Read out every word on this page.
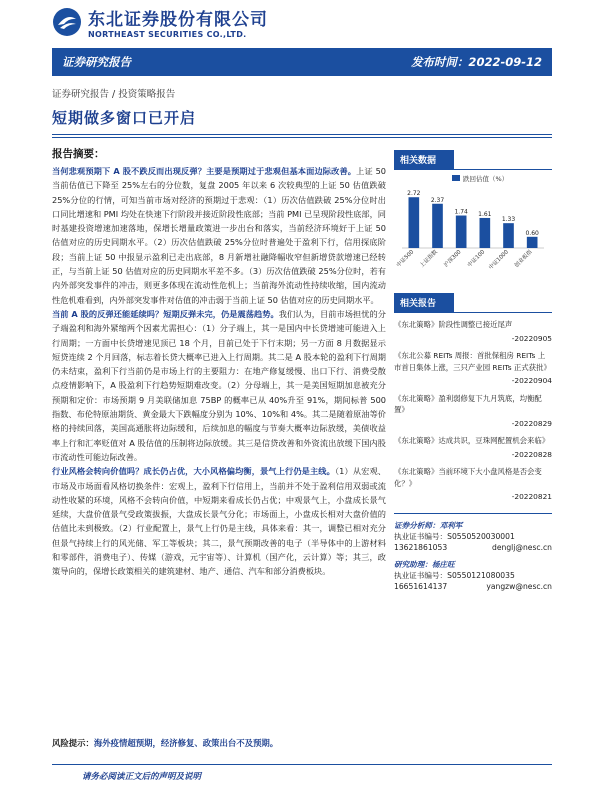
东北证券股份有限公司
NORTHEAST SECURITIES CO.,LTD.
证券研究报告	发布时间：2022-09-12
证券研究报告 / 投资策略报告
短期做多窗口已开启
报告摘要：

当何悲观预期下 A 股不跌反而出现反弹？主要是预期过于悲观但基本面边际改善。上证 50 当前估值已下降至 25%左右的分位数，复盘 2005 年以来 6 次较典型的上证 50 估值跌破 25%分位的行情，可知当前市场对经济的预期过于悲观：（1）历次估值跌破 25%分位时出口同比增速和 PMI 均处在快速下行阶段并接近阶段性底部；当前 PMI 已呈现阶段性底部，同时基建投资增速加速落地，保增长增量政策进一步出台和落实，当前经济环境好于上证 50 估值对应的历史同期水平。（2）历次估值跌破 25%分位时普遍处于盈利下行，信用探底阶段；当前上证 50 中报显示盈利已走出底部，8 月新增社融降幅收窄但新增贷款增速已经转正，与当前上证 50 估值对应的历史同期水平差不多。（3）历次估值跌破 25%分位时，若有内外部突发事件的冲击，则更多体现在流动性危机上；当前海外流动性持续收缩，国内流动性危机难看到，内外部突发事件对估值的冲击弱于当前上证 50 估值对应的历史同期水平。

当前 A 股的反弹还能延续吗？短期反弹未完，仍是震荡趋势。我们认为，目前市场担忧的分子端盈利和海外紧缩两个因素尤需担心：（1）分子端上，其一是国内中长贷增速可能进入上行周期；一方面中长贷增速见顶已 18 个月，目前已处于下行末期；另一方面 8 月数据显示短贷连续 2 个月回落，标志着长贷大概率已进入上行周期。其二是 A 股本轮的盈利下行周期仍未结束，盈利下行当前仍是市场上行的主要阻力：在地产修复缓慢、出口下行、消费受散点疫情影响下，A 股盈利下行趋势短期难改变。（2）分母端上，其一是美国短期加息被充分预期和定价：市场预期 9 月美联储加息 75BP 的概率已从 40%升至 91%，期间标普 500 指数、布伦特原油期货、黄金最大下跌幅度分别为 10%、10%和 4%。其二是随着原油等价格的持续回落，美国高通胀将边际缓和，后续加息的幅度与节奏大概率边际放缓，美债收益率上行和汇率贬值对 A 股估值的压制将边际放缓。其三是信贷改善和外资流出放缓下国内股市流动性可能边际改善。

行业风格会转向价值吗？成长仍占优，大小风格偏均衡，景气上行仍是主线。（1）从宏观、市场及市场面看风格切换条件：宏观上，盈利下行信用上，当前并不处于盈利信用双弱或流动性收紧的环境，风格不会转向价值，中短期来看成长仍占优；中观景气上，小盘成长景气延续，大盘价值景气受政策拔振，大盘成长景气分化；市场面上，小盘成长相对大盘价值的估值比未到极致。（2）行业配置上，景气上行仍是主线，具体来看：其一，调整已相对充分但景气持续上行的风光储、军工等板块；其二，景气预期改善的电子（半导体中的上游材料和零部件，消费电子）、传媒（游戏，元宇宙等）、计算机（国产化，云计算）等；其三，政策导向的，保增长政策相关的建筑建材、地产、通信、汽车和部分消费板块。

风险提示：海外疫情超预期，经济修复、政策出台不及预期。
相关数据
跌回估值（%）
2.72
中证500
2.37
上证指数
1.74
沪深300
1.61
中证100
1.33
中证1000
0.60
创业板指
相关报告
《东北策略》阶段性调整已接近尾声
-20220905
《东北公募 REITs 周报：首批保租房 REITs 上市首日集体上涨，三只产业园 REITs 正式获批》
-20220904
《东北策略》盈利弱修复下九月筑底，均衡配置》
-20220829
《东北策略》达成共识，豆珠网配置机会来临》
-20220828
《东北策略》当前环境下大小盘风格是否会变化？》
-20220821
证券分析师：邓利军
执业证书编号：S0550520030001
13621861053	denglj@nesc.cn
研究助理：杨庄旺
执业证书编号：S0550121080035
16651614137	yangzw@nesc.cn
请务必阅读正文后的声明及说明
